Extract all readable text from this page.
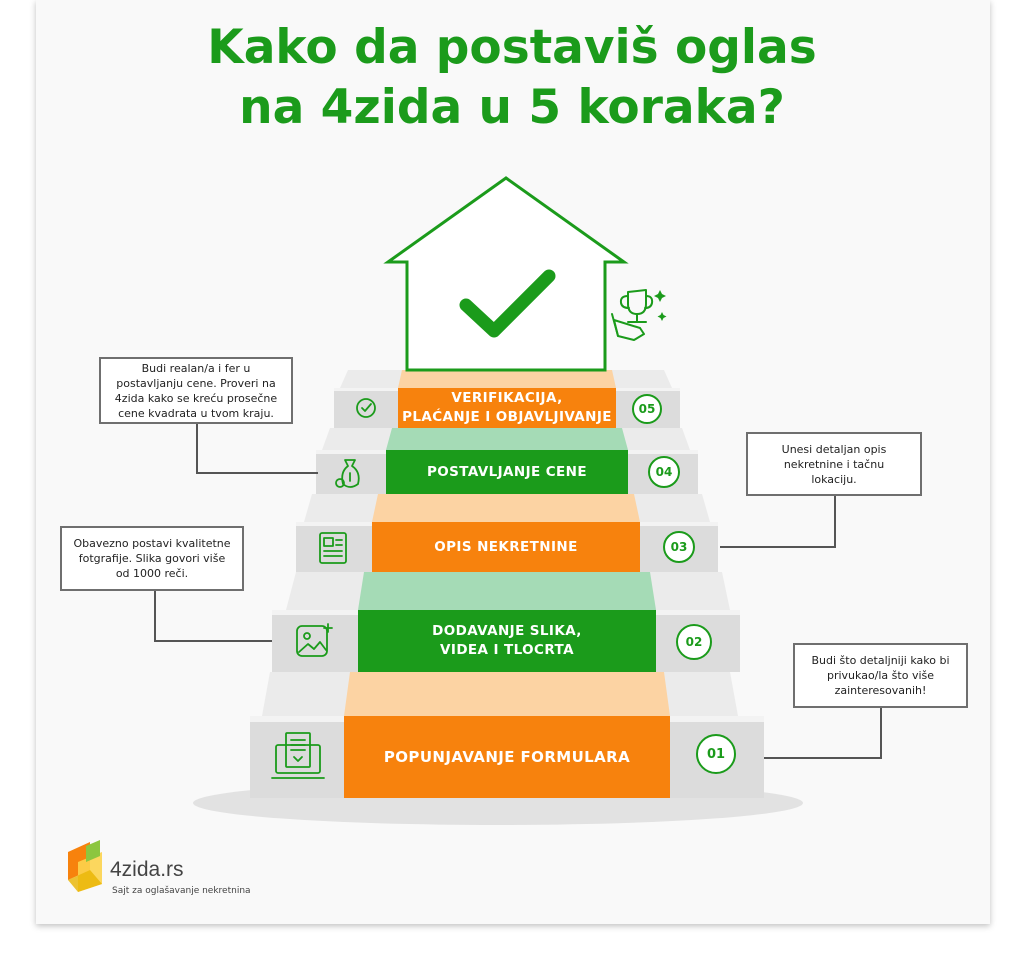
Kako da postaviš oglas
na 4zida u 5 koraka?
VERIFIKACIJA,
PLAĆANJE I OBJAVLJIVANJE
POSTAVLJANJE CENE
OPIS NEKRETNINE
DODAVANJE SLIKA,
VIDEA I TLOCRTA
POPUNJAVANJE FORMULARA
05
04
03
02
01
Budi realan/a i fer u postavljanju cene. Proveri na 4zida kako se kreću prosečne cene kvadrata u tvom kraju.
Obavezno postavi kvalitetne fotgrafije. Slika govori više od 1000 reči.
Unesi detaljan opis nekretnine i tačnu lokaciju.
Budi što detaljniji kako bi privukao/la što više zainteresovanih!
4zida.rs
Sajt za oglašavanje nekretnina
